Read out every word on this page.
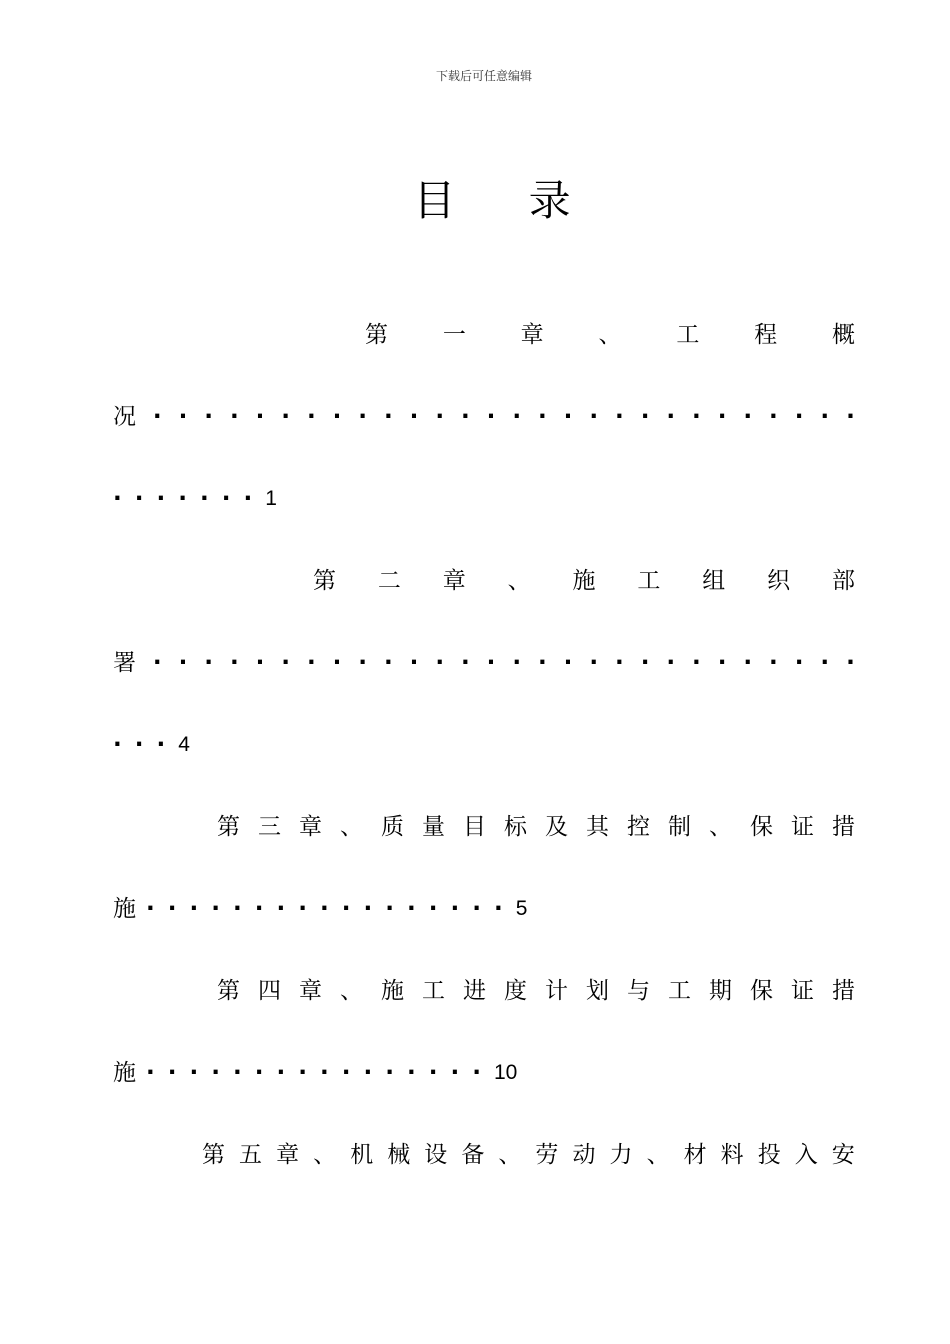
下载后可任意编辑
目 录
第 一 章 、 工 程 概
况 · · · · · · · · · · · · · · · · · · · · · · · · · · · ·
· · · · · · · 1
第 二 章 、 施 工 组 织 部
署 · · · · · · · · · · · · · · · · · · · · · · · · · · · ·
· · · 4
第 三 章 、 质 量 目 标 及 其 控 制 、 保 证 措
施 · · · · · · · · · · · · · · · · · 5
第 四 章 、 施 工 进 度 计 划 与 工 期 保 证 措
施 · · · · · · · · · · · · · · · · 10
第 五 章 、 机 械 设 备 、 劳 动 力 、 材 料 投 入 安
